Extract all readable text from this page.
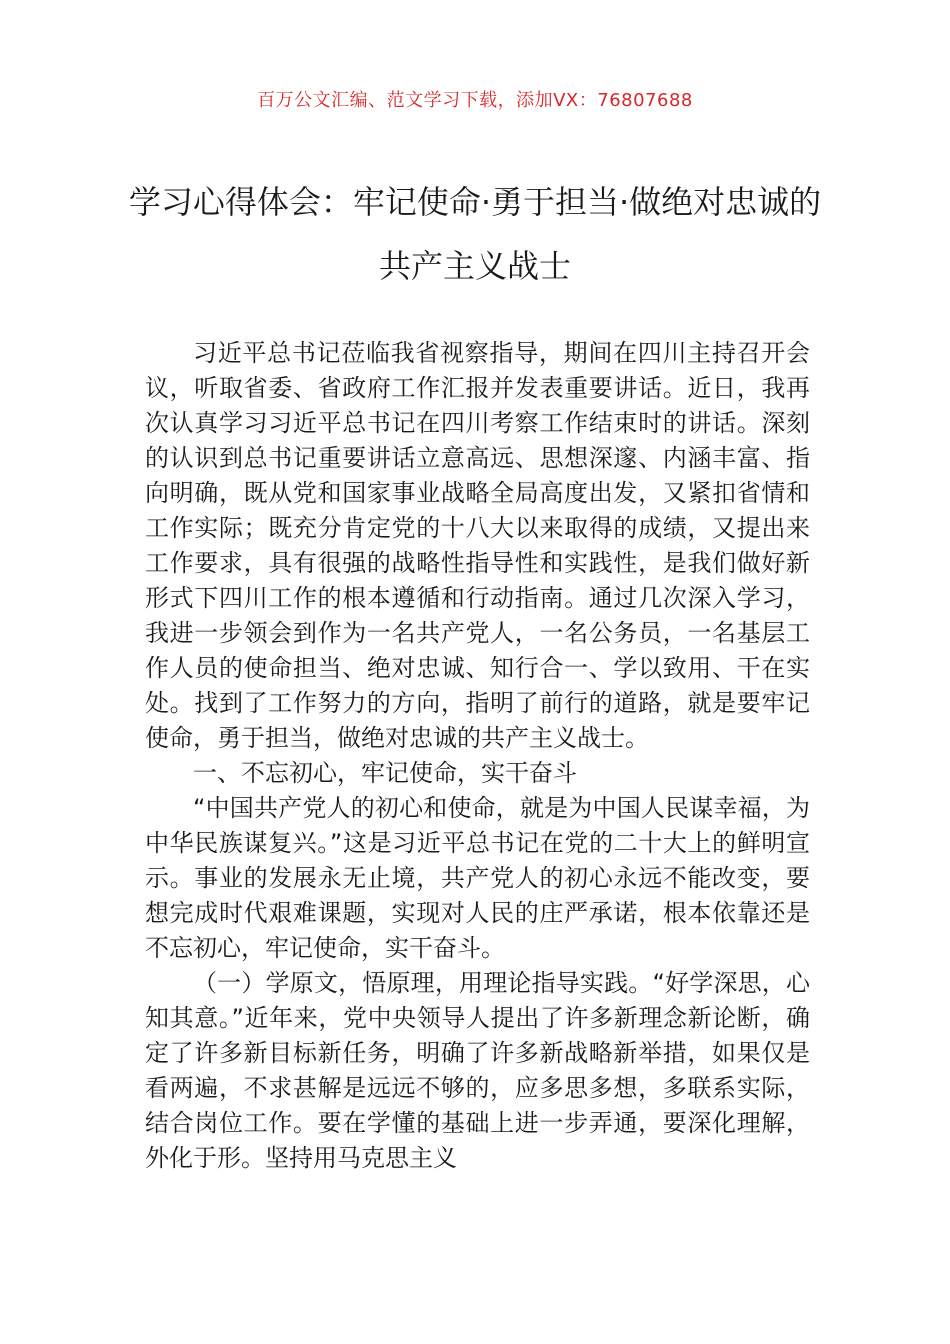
百万公文汇编、范文学习下载，添加VX：76807688
学习心得体会：牢记使命·勇于担当·做绝对忠诚的共产主义战士

习近平总书记莅临我省视察指导，期间在四川主持召开会议，听取省委、省政府工作汇报并发表重要讲话。近日，我再次认真学习习近平总书记在四川考察工作结束时的讲话。深刻的认识到总书记重要讲话立意高远、思想深邃、内涵丰富、指向明确，既从党和国家事业战略全局高度出发，又紧扣省情和工作实际；既充分肯定党的十八大以来取得的成绩，又提出来工作要求，具有很强的战略性指导性和实践性，是我们做好新形式下四川工作的根本遵循和行动指南。通过几次深入学习，我进一步领会到作为一名共产党人，一名公务员，一名基层工作人员的使命担当、绝对忠诚、知行合一、学以致用、干在实处。找到了工作努力的方向，指明了前行的道路，就是要牢记使命，勇于担当，做绝对忠诚的共产主义战士。

一、不忘初心，牢记使命，实干奋斗

“中国共产党人的初心和使命，就是为中国人民谋幸福，为中华民族谋复兴。”这是习近平总书记在党的二十大上的鲜明宣示。事业的发展永无止境，共产党人的初心永远不能改变，要想完成时代艰难课题，实现对人民的庄严承诺，根本依靠还是不忘初心，牢记使命，实干奋斗。

（一）学原文，悟原理，用理论指导实践。“好学深思，心知其意。”近年来，党中央领导人提出了许多新理念新论断，确定了许多新目标新任务，明确了许多新战略新举措，如果仅是看两遍，不求甚解是远远不够的，应多思多想，多联系实际，结合岗位工作。要在学懂的基础上进一步弄通，要深化理解，外化于形。坚持用马克思主义
